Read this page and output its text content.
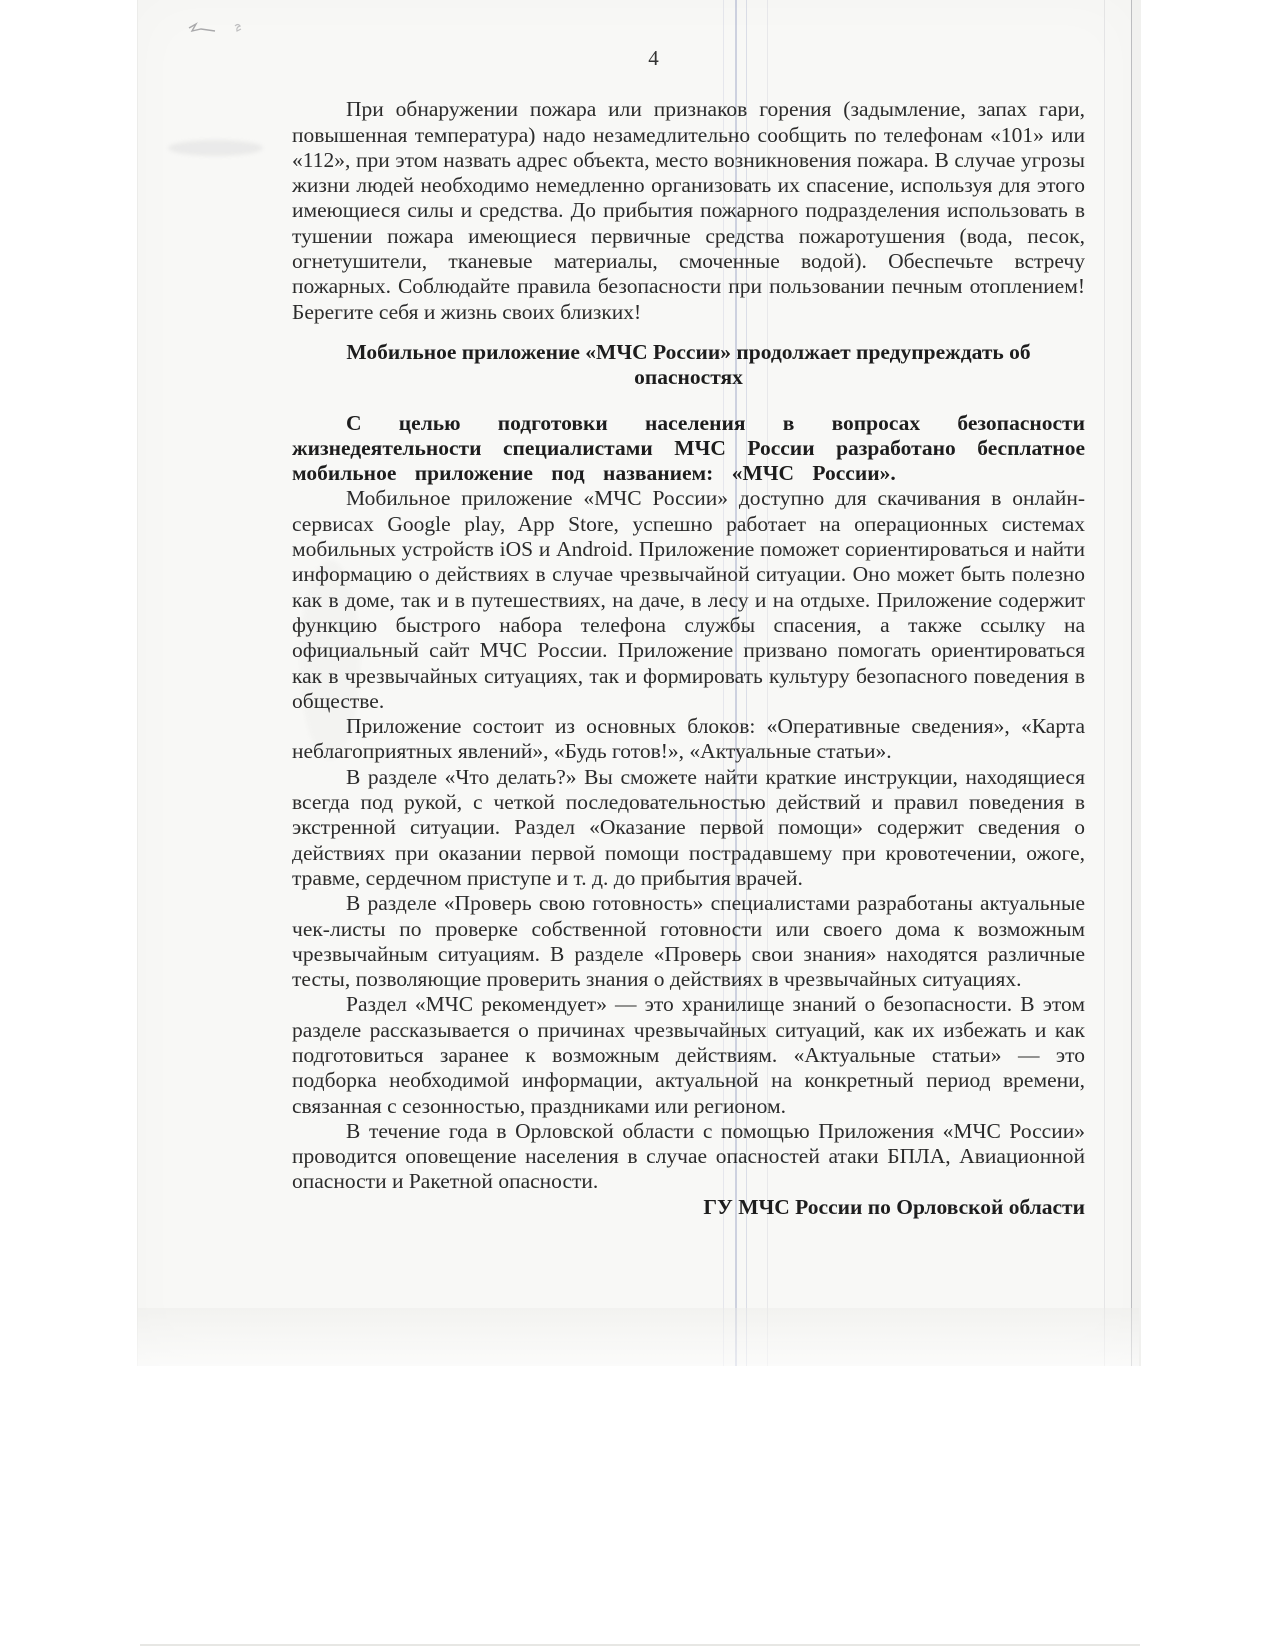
4

При обнаружении пожара или признаков горения (задымление, запах гари, повышенная температура) надо незамедлительно сообщить по телефонам «101» или «112», при этом назвать адрес объекта, место возникновения пожара. В случае угрозы жизни людей необходимо немедленно организовать их спасение, используя для этого имеющиеся силы и средства. До прибытия пожарного подразделения использовать в тушении пожара имеющиеся первичные средства пожаротушения (вода, песок, огнетушители, тканевые материалы, смоченные водой). Обеспечьте встречу пожарных. Соблюдайте правила безопасности при пользовании печным отоплением! Берегите себя и жизнь своих близких!

Мобильное приложение «МЧС России» продолжает предупреждать об опасностях

С целью подготовки населения в вопросах безопасности жизнедеятельности специалистами МЧС России разработано бесплатное мобильное приложение под названием: «МЧС России».

Мобильное приложение «МЧС России» доступно для скачивания в онлайн-сервисах Google play, App Store, успешно работает на операционных системах мобильных устройств iOS и Android. Приложение поможет сориентироваться и найти информацию о действиях в случае чрезвычайной ситуации. Оно может быть полезно как в доме, так и в путешествиях, на даче, в лесу и на отдыхе. Приложение содержит функцию быстрого набора телефона службы спасения, а также ссылку на официальный сайт МЧС России. Приложение призвано помогать ориентироваться как в чрезвычайных ситуациях, так и формировать культуру безопасного поведения в обществе.

Приложение состоит из основных блоков: «Оперативные сведения», «Карта неблагоприятных явлений», «Будь готов!», «Актуальные статьи».

В разделе «Что делать?» Вы сможете найти краткие инструкции, находящиеся всегда под рукой, с четкой последовательностью действий и правил поведения в экстренной ситуации. Раздел «Оказание первой помощи» содержит сведения о действиях при оказании первой помощи пострадавшему при кровотечении, ожоге, травме, сердечном приступе и т. д. до прибытия врачей.

В разделе «Проверь свою готовность» специалистами разработаны актуальные чек-листы по проверке собственной готовности или своего дома к возможным чрезвычайным ситуациям. В разделе «Проверь свои знания» находятся различные тесты, позволяющие проверить знания о действиях в чрезвычайных ситуациях.

Раздел «МЧС рекомендует» — это хранилище знаний о безопасности. В этом разделе рассказывается о причинах чрезвычайных ситуаций, как их избежать и как подготовиться заранее к возможным действиям. «Актуальные статьи» — это подборка необходимой информации, актуальной на конкретный период времени, связанная с сезонностью, праздниками или регионом.

В течение года в Орловской области с помощью Приложения «МЧС России» проводится оповещение населения в случае опасностей атаки БПЛА, Авиационной опасности и Ракетной опасности.

ГУ МЧС России по Орловской области
